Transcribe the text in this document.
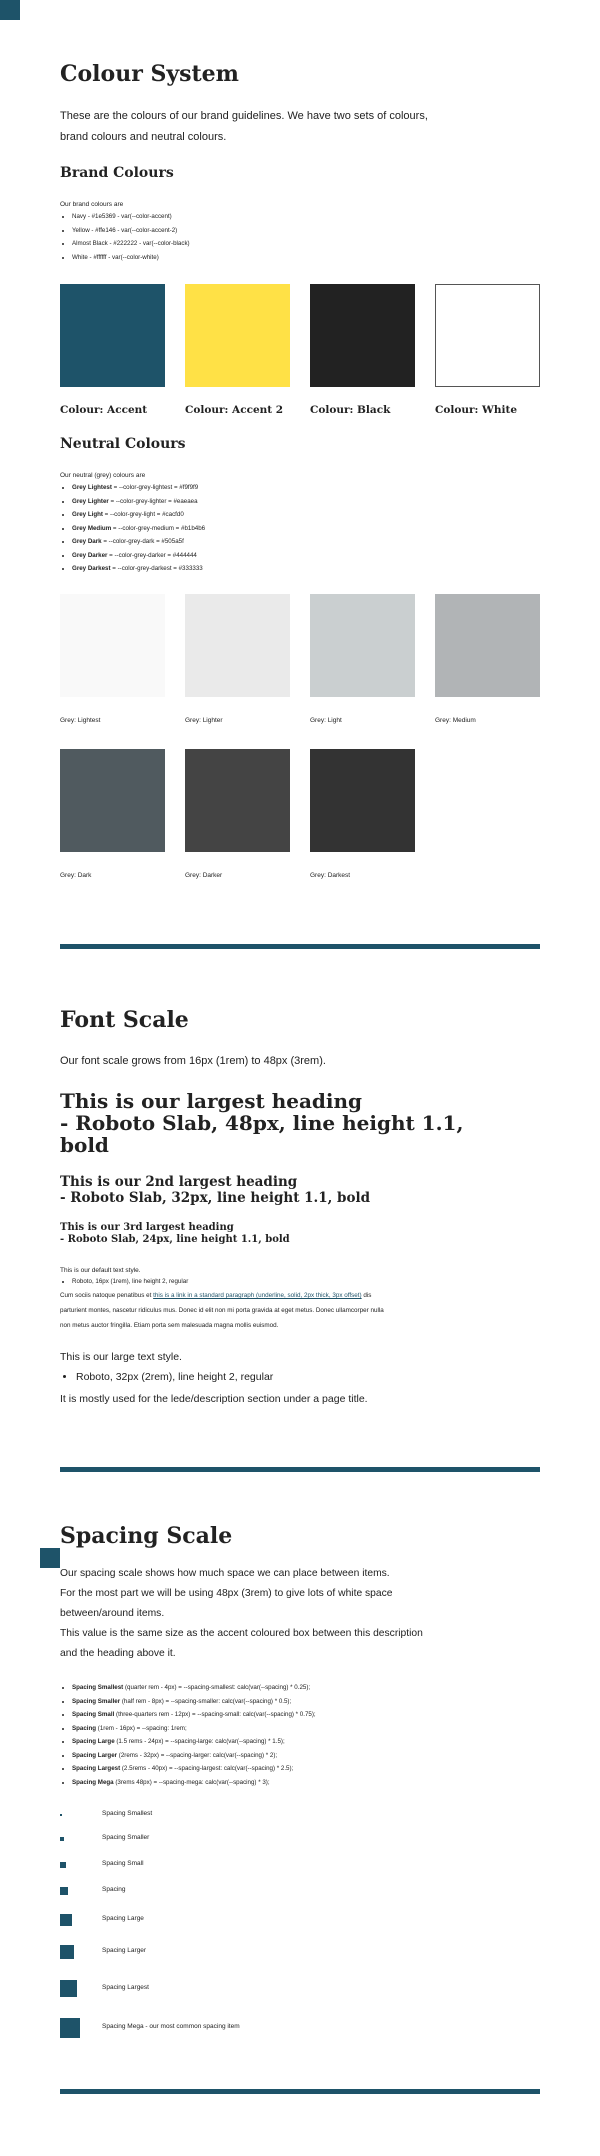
Colour System

These are the colours of our brand guidelines. We have two sets of colours,

brand colours and neutral colours.

Brand Colours

Our brand colours are

• Navy - #1e5369 - var(--color-accent)
• Yellow - #ffe146 - var(--color-accent-2)
• Almost Black - #222222 - var(--color-black)
• White - #ffffff - var(--color-white)
Colour: Accent	Colour: Accent 2	Colour: Black	Colour: White
Neutral Colours

Our neutral (grey) colours are

• Grey Lightest = --color-grey-lightest = #f9f9f9
• Grey Lighter = --color-grey-lighter = #eaeaea
• Grey Light = --color-grey-light = #cacfd0
• Grey Medium = --color-grey-medium = #b1b4b6
• Grey Dark = --color-grey-dark = #505a5f
• Grey Darker = --color-grey-darker = #444444
• Grey Darkest = --color-grey-darkest = #333333
Grey: Lightest	Grey: Lighter	Grey: Light	Grey: Medium
Grey: Dark	Grey: Darker	Grey: Darkest
Font Scale

Our font scale grows from 16px (1rem) to 48px (3rem).

This is our largest heading
- Roboto Slab, 48px, line height 1.1,
bold
This is our 2nd largest heading
- Roboto Slab, 32px, line height 1.1, bold
This is our 3rd largest heading
- Roboto Slab, 24px, line height 1.1, bold

This is our default text style.

• Roboto, 16px (1rem), line height 2, regular
Cum sociis natoque penatibus et this is a link in a standard paragraph (underline, solid, 2px thick, 3px offset) dis
parturient montes, nascetur ridiculus mus. Donec id elit non mi porta gravida at eget metus. Donec ullamcorper nulla
non metus auctor fringilla. Etiam porta sem malesuada magna mollis euismod.

This is our large text style.

• Roboto, 32px (2rem), line height 2, regular

It is mostly used for the lede/description section under a page title.

Spacing Scale
Our spacing scale shows how much space we can place between items.
For the most part we will be using 48px (3rem) to give lots of white space
between/around items.
This value is the same size as the accent coloured box between this description
and the heading above it.
• Spacing Smallest (quarter rem - 4px) = --spacing-smallest: calc(var(--spacing) * 0.25);
• Spacing Smaller (half rem - 8px) = --spacing-smaller: calc(var(--spacing) * 0.5);
• Spacing Small (three-quarters rem - 12px) = --spacing-small: calc(var(--spacing) * 0.75);
• Spacing (1rem - 16px) = --spacing: 1rem;
• Spacing Large (1.5 rems - 24px) = --spacing-large: calc(var(--spacing) * 1.5);
• Spacing Larger (2rems - 32px) = --spacing-larger: calc(var(--spacing) * 2);
• Spacing Largest (2.5rems - 40px) = --spacing-largest: calc(var(--spacing) * 2.5);
• Spacing Mega (3rems 48px) = --spacing-mega: calc(var(--spacing) * 3);
Spacing Smallest
Spacing Smaller
Spacing Small
Spacing
Spacing Large
Spacing Larger
Spacing Largest
Spacing Mega - our most common spacing item
